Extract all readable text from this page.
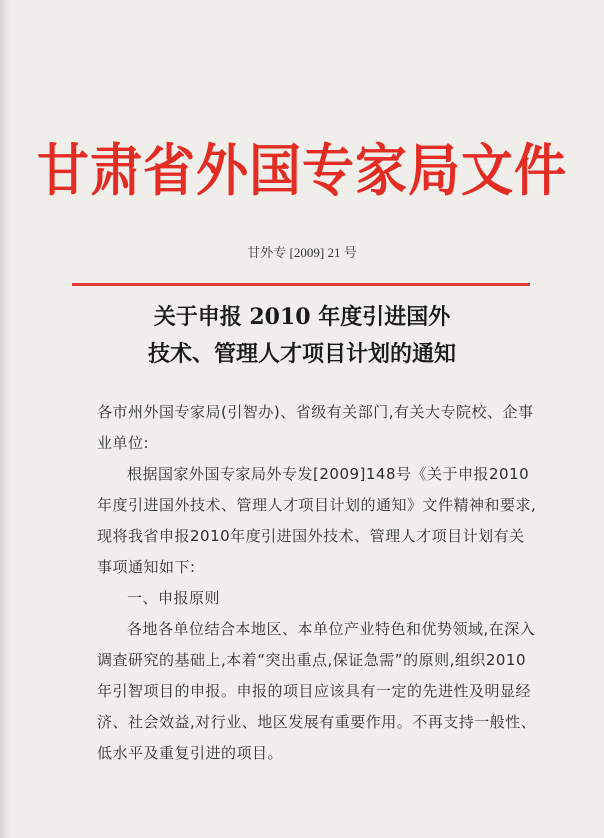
甘肃省外国专家局文件
甘外专 [2009] 21 号
关于申报 2010 年度引进国外
技术、管理人才项目计划的通知

各市州外国专家局(引智办)、省级有关部门,有关大专院校、企事业单位:

根据国家外国专家局外专发[2009]148号《关于申报2010年度引进国外技术、管理人才项目计划的通知》文件精神和要求,现将我省申报2010年度引进国外技术、管理人才项目计划有关事项通知如下:

一、申报原则

各地各单位结合本地区、本单位产业特色和优势领域,在深入调查研究的基础上,本着“突出重点,保证急需”的原则,组织2010年引智项目的申报。申报的项目应该具有一定的先进性及明显经济、社会效益,对行业、地区发展有重要作用。不再支持一般性、低水平及重复引进的项目。
